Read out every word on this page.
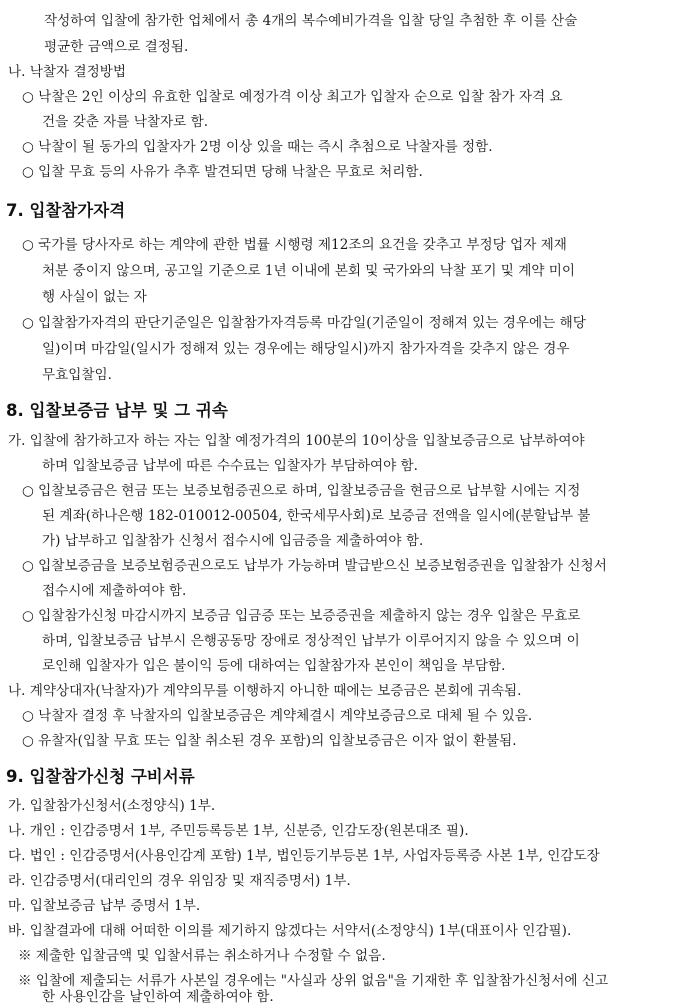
작성하여 입찰에 참가한 업체에서 총 4개의 복수예비가격을 입찰 당일 추첨한 후 이를 산술
평균한 금액으로 결정됨.
나. 낙찰자 결정방법
○ 낙찰은 2인 이상의 유효한 입찰로 예정가격 이상 최고가 입찰자 순으로 입찰 참가 자격 요
건을 갖춘 자를 낙찰자로 함.
○ 낙찰이 될 동가의 입찰자가 2명 이상 있을 때는 즉시 추첨으로 낙찰자를 정함.
○ 입찰 무효 등의 사유가 추후 발견되면 당해 낙찰은 무효로 처리함.
7. 입찰참가자격
○ 국가를 당사자로 하는 계약에 관한 법률 시행령 제12조의 요건을 갖추고 부정당 업자 제재
처분 중이지 않으며, 공고일 기준으로 1년 이내에 본회 및 국가와의 낙찰 포기 및 계약 미이
행 사실이 없는 자
○ 입찰참가자격의 판단기준일은 입찰참가자격등록 마감일(기준일이 정해져 있는 경우에는 해당
일)이며 마감일(일시가 정해져 있는 경우에는 해당일시)까지 참가자격을 갖추지 않은 경우
무효입찰임.
8. 입찰보증금 납부 및 그 귀속
가. 입찰에 참가하고자 하는 자는 입찰 예정가격의 100분의 10이상을 입찰보증금으로 납부하여야
하며 입찰보증금 납부에 따른 수수료는 입찰자가 부담하여야 함.
○ 입찰보증금은 현금 또는 보증보험증권으로 하며, 입찰보증금을 현금으로 납부할 시에는 지정
된 계좌(하나은행 182-010012-00504, 한국세무사회)로 보증금 전액을 일시에(분할납부 불
가) 납부하고 입찰참가 신청서 접수시에 입금증을 제출하여야 함.
○ 입찰보증금을 보증보험증권으로도 납부가 가능하며 발급받으신 보증보험증권을 입찰참가 신청서
접수시에 제출하여야 함.
○ 입찰참가신청 마감시까지 보증금 입금증 또는 보증증권을 제출하지 않는 경우 입찰은 무효로
하며, 입찰보증금 납부시 은행공동망 장애로 정상적인 납부가 이루어지지 않을 수 있으며 이
로인해 입찰자가 입은 불이익 등에 대하여는 입찰참가자 본인이 책임을 부담함.
나. 계약상대자(낙찰자)가 계약의무를 이행하지 아니한 때에는 보증금은 본회에 귀속됨.
○ 낙찰자 결정 후 낙찰자의 입찰보증금은 계약체결시 계약보증금으로 대체 될 수 있음.
○ 유찰자(입찰 무효 또는 입찰 취소된 경우 포함)의 입찰보증금은 이자 없이 환불됨.
9. 입찰참가신청 구비서류
가. 입찰참가신청서(소정양식) 1부.
나. 개인 : 인감증명서 1부, 주민등록등본 1부, 신분증, 인감도장(원본대조 필).
다. 법인 : 인감증명서(사용인감계 포함) 1부, 법인등기부등본 1부, 사업자등록증 사본 1부, 인감도장
라. 인감증명서(대리인의 경우 위임장 및 재직증명서) 1부.
마. 입찰보증금 납부 증명서 1부.
바. 입찰결과에 대해 어떠한 이의를 제기하지 않겠다는 서약서(소정양식) 1부(대표이사 인감필).
※ 제출한 입찰금액 및 입찰서류는 취소하거나 수정할 수 없음.
※ 입찰에 제출되는 서류가 사본일 경우에는 "사실과 상위 없음"을 기재한 후 입찰참가신청서에 신고
한 사용인감을 날인하여 제출하여야 함.
